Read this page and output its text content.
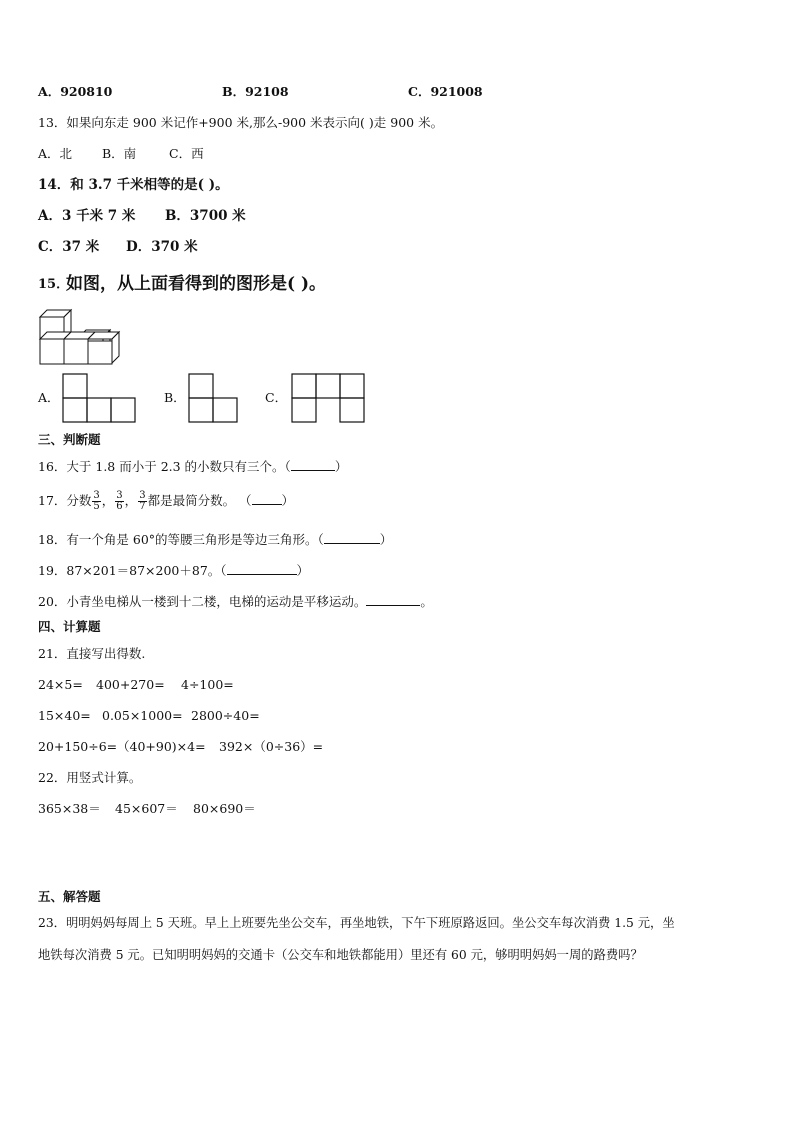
A．920810	B．92108	C．921008
13．如果向东走 900 米记作+900 米,那么-900 米表示向( )走 900 米。
A．北 B．南	C．西
14．和 3.7 千米相等的是( )。
A．3 千米 7 米 B．3700 米
C．37 米 D．370 米
15．
如图，从上面看得到的图形是( )。
A．	B．	C．
三、判断题
16．大于 1.8 而小于 2.3 的小数只有三个。（	）
17．分数 $\frac{3}{5}$ ， $\frac{3}{6}$ ， $\frac{3}{7}$ 都是最简分数。 （ ）
18．有一个角是 60°的等腰三角形是等边三角形。（	）
19．87×201＝87×200＋87。（	）
20．小青坐电梯从一楼到十二楼，电梯的运动是平移运动。	。
四、计算题
21．直接写出得数.
24×5= 400+270= 4÷100=
15×40= 0.05×1000= 2800÷40=
20+150÷6= （40+90)×4= 392×（0÷36）=
22．用竖式计算。
365×38＝ 45×607＝ 80×690＝
五、解答题
23．明明妈妈每周上 5 天班。早上上班要先坐公交车，再坐地铁，下午下班原路返回。坐公交车每次消费 1.5 元，坐
地铁每次消费 5 元。已知明明妈妈的交通卡（公交车和地铁都能用）里还有 60 元，够明明妈妈一周的路费吗？
